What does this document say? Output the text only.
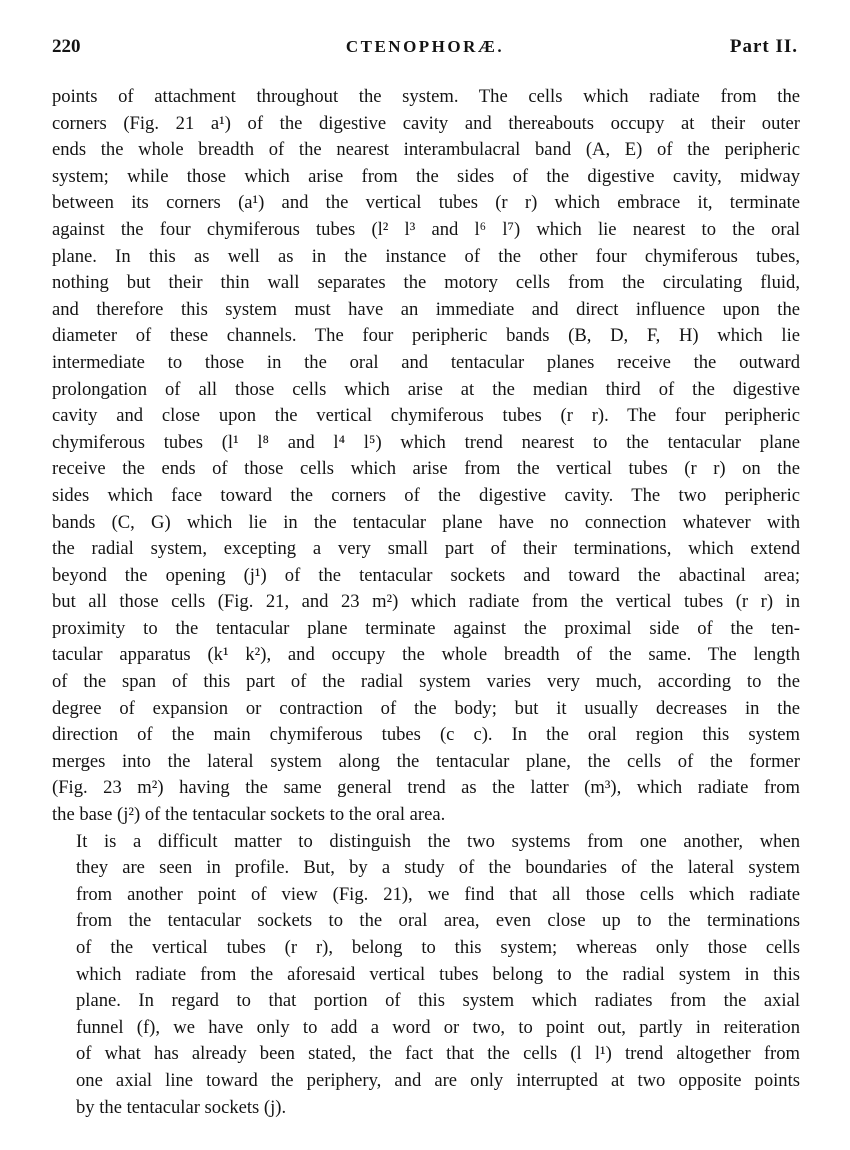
220	CTENOPHORÆ.	Part II.

points of attachment throughout the system. The cells which radiate from the
corners (Fig. 21 a¹) of the digestive cavity and thereabouts occupy at their outer
ends the whole breadth of the nearest interambulacral band (A, E) of the peripheric
system; while those which arise from the sides of the digestive cavity, midway
between its corners (a¹) and the vertical tubes (r r) which embrace it, terminate
against the four chymiferous tubes (l² l³ and l⁶ l⁷) which lie nearest to the oral
plane. In this as well as in the instance of the other four chymiferous tubes,
nothing but their thin wall separates the motory cells from the circulating fluid,
and therefore this system must have an immediate and direct influence upon the
diameter of these channels. The four peripheric bands (B, D, F, H) which lie
intermediate to those in the oral and tentacular planes receive the outward
prolongation of all those cells which arise at the median third of the digestive
cavity and close upon the vertical chymiferous tubes (r r). The four peripheric
chymiferous tubes (l¹ l⁸ and l⁴ l⁵) which trend nearest to the tentacular plane
receive the ends of those cells which arise from the vertical tubes (r r) on the
sides which face toward the corners of the digestive cavity. The two peripheric
bands (C, G) which lie in the tentacular plane have no connection whatever with
the radial system, excepting a very small part of their terminations, which extend
beyond the opening (j¹) of the tentacular sockets and toward the abactinal area;
but all those cells (Fig. 21, and 23 m²) which radiate from the vertical tubes (r r) in
proximity to the tentacular plane terminate against the proximal side of the ten-
tacular apparatus (k¹ k²), and occupy the whole breadth of the same. The length
of the span of this part of the radial system varies very much, according to the
degree of expansion or contraction of the body; but it usually decreases in the
direction of the main chymiferous tubes (c c). In the oral region this system
merges into the lateral system along the tentacular plane, the cells of the former
(Fig. 23 m²) having the same general trend as the latter (m³), which radiate from
the base (j²) of the tentacular sockets to the oral area.

It is a difficult matter to distinguish the two systems from one another, when
they are seen in profile. But, by a study of the boundaries of the lateral system
from another point of view (Fig. 21), we find that all those cells which radiate
from the tentacular sockets to the oral area, even close up to the terminations
of the vertical tubes (r r), belong to this system; whereas only those cells
which radiate from the aforesaid vertical tubes belong to the radial system in this
plane. In regard to that portion of this system which radiates from the axial
funnel (f), we have only to add a word or two, to point out, partly in reiteration
of what has already been stated, the fact that the cells (l l¹) trend altogether from
one axial line toward the periphery, and are only interrupted at two opposite points
by the tentacular sockets (j).
